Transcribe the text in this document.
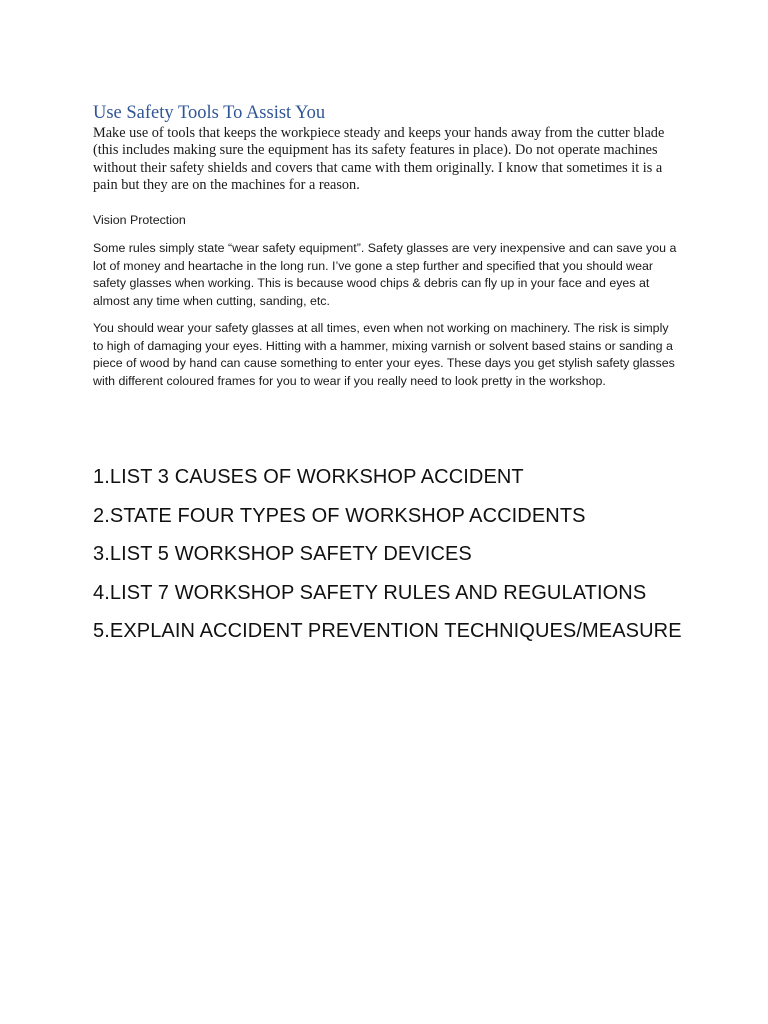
Use Safety Tools To Assist You

Make use of tools that keeps the workpiece steady and keeps your hands away from the cutter blade (this includes making sure the equipment has its safety features in place). Do not operate machines without their safety shields and covers that came with them originally. I know that sometimes it is a pain but they are on the machines for a reason.

Vision Protection

Some rules simply state “wear safety equipment”. Safety glasses are very inexpensive and can save you a lot of money and heartache in the long run. I’ve gone a step further and specified that you should wear safety glasses when working. This is because wood chips & debris can fly up in your face and eyes at almost any time when cutting, sanding, etc.

You should wear your safety glasses at all times, even when not working on machinery. The risk is simply to high of damaging your eyes. Hitting with a hammer, mixing varnish or solvent based stains or sanding a piece of wood by hand can cause something to enter your eyes. These days you get stylish safety glasses with different coloured frames for you to wear if you really need to look pretty in the workshop.

1.LIST 3 CAUSES OF WORKSHOP ACCIDENT
2.STATE FOUR TYPES OF WORKSHOP ACCIDENTS
3.LIST 5 WORKSHOP SAFETY DEVICES
4.LIST 7 WORKSHOP SAFETY RULES AND REGULATIONS
5.EXPLAIN ACCIDENT PREVENTION TECHNIQUES/MEASURE
